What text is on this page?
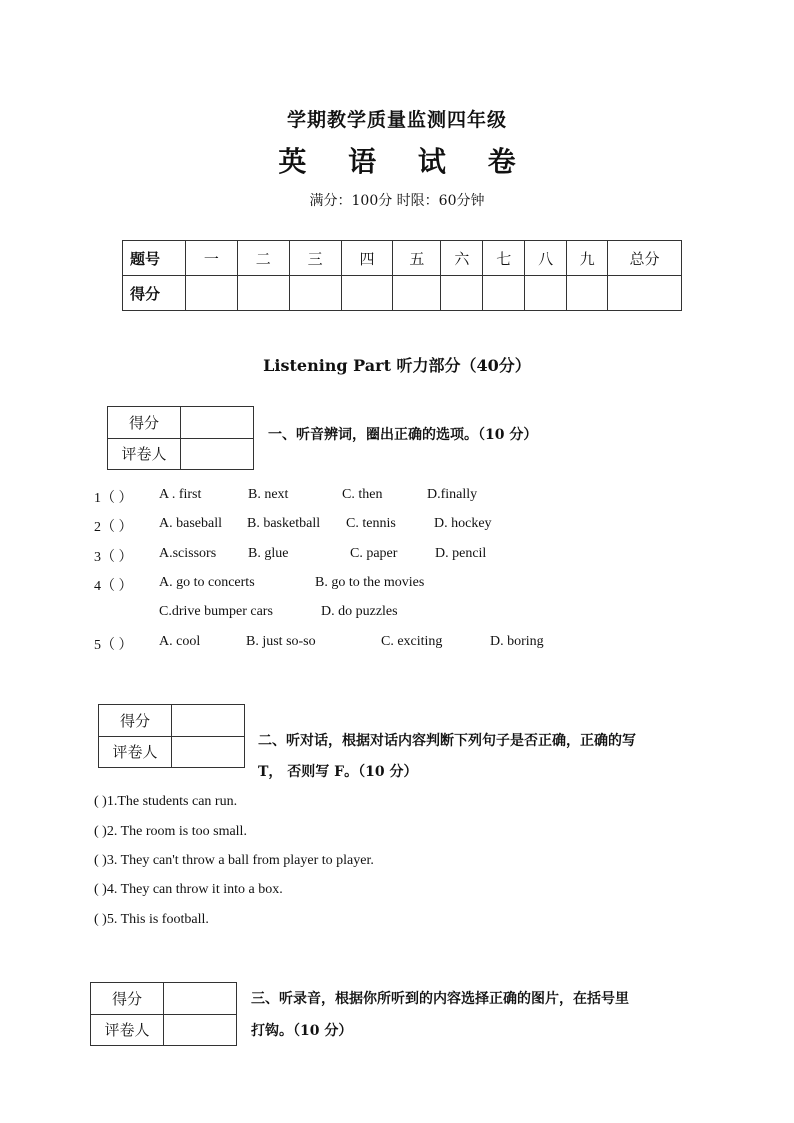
学期教学质量监测四年级
英 语 试 卷
满分：100分 时限：60分钟
题号	一	二	三	四	五	六	七	八	九	总分
得分										
Listening Part 听力部分（40分）
得分	
评卷人	
一、听音辨词，圈出正确的选项。（10 分）
1（ ） A . first	B. next	C. then	D.finally
2（ ） A. baseball B. basketball C. tennis	D. hockey
3（ ） A.scissors B. glue	C. paper	D. pencil
4（ ） A. go to concerts	B. go to the movies
C.drive bumper cars	D. do puzzles
5（ ） A. cool	B. just so-so	C. exciting	D. boring
得分	
评卷人	
二、听对话，根据对话内容判断下列句子是否正确，正确的写
T， 否则写 F。（10 分）
( )1.The students can run.
( )2. The room is too small.
( )3. They can't throw a ball from player to player.
( )4. They can throw it into a box.
( )5. This is football.
得分	
评卷人	
三、听录音，根据你所听到的内容选择正确的图片，在括号里
打钩。（10 分）
